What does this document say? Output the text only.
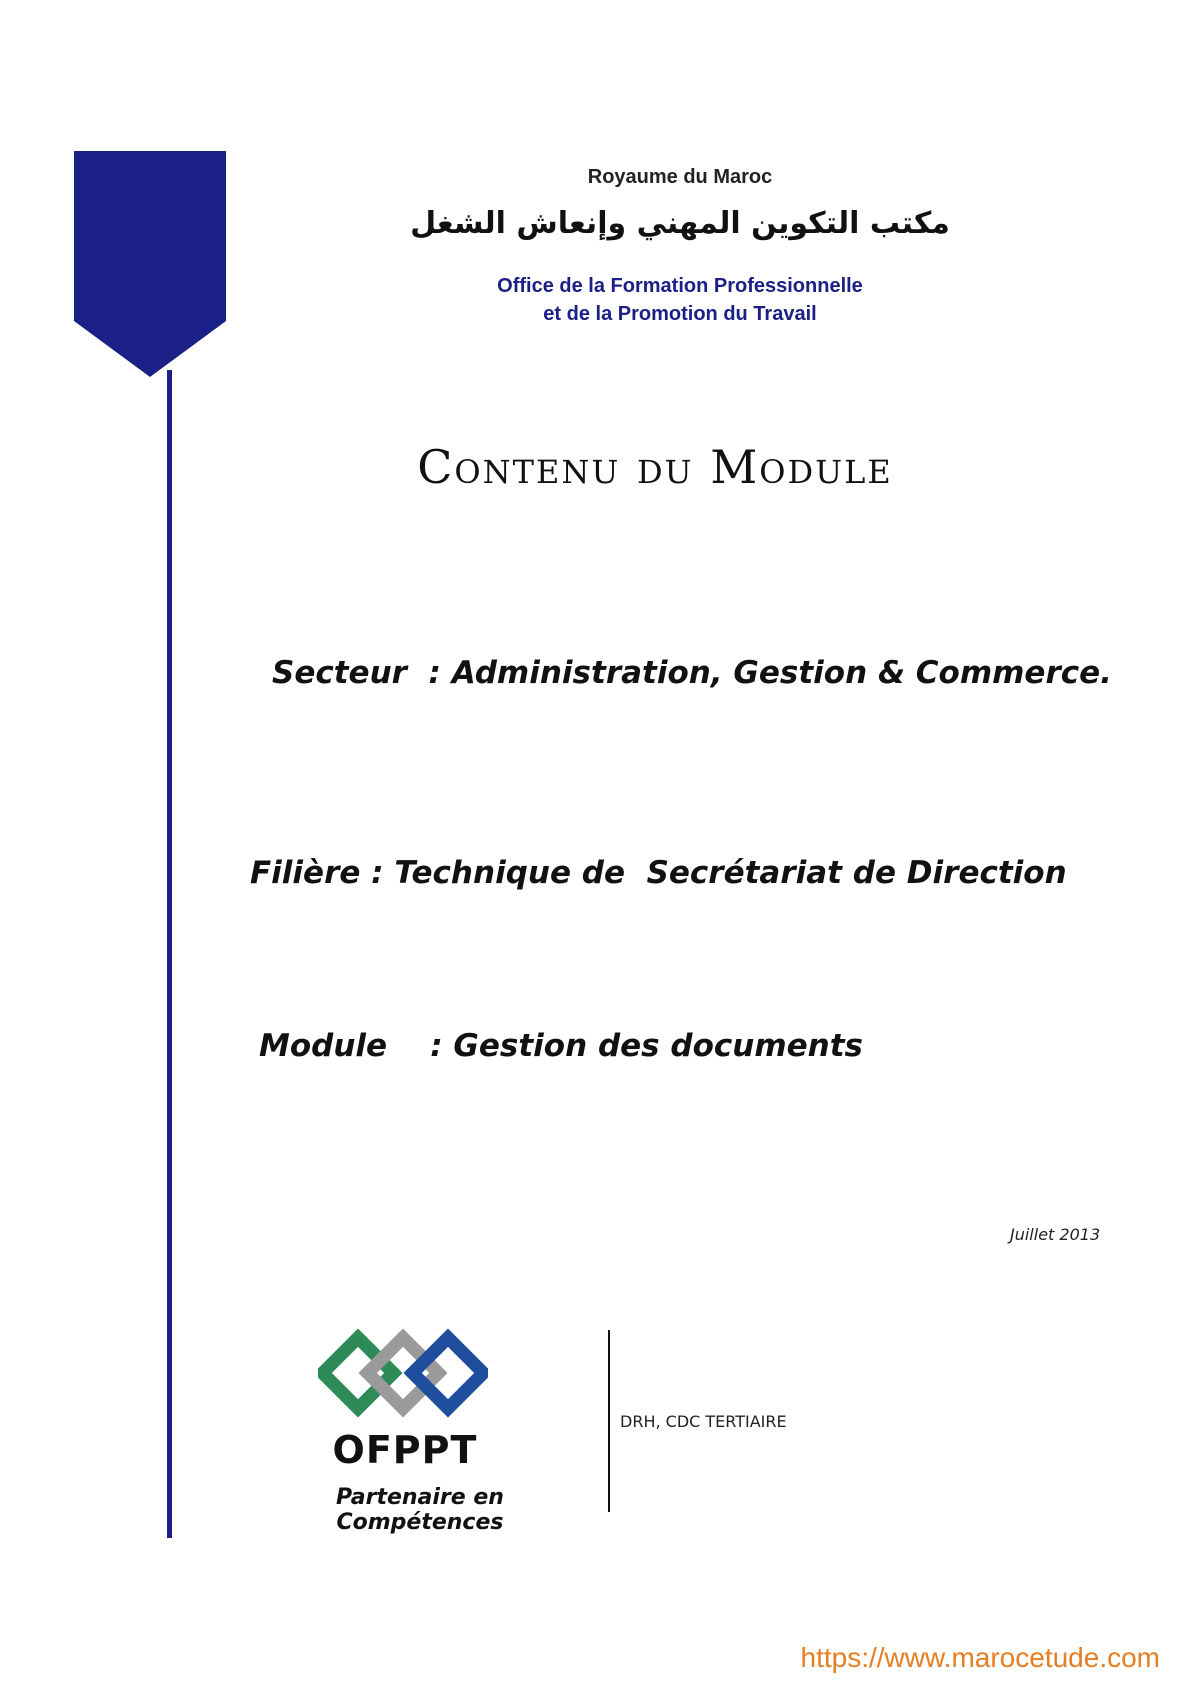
Royaume du Maroc
مكتب التكوين المهني وإنعاش الشغل
Office de la Formation Professionnelle
et de la Promotion du Travail
Contenu du Module
Secteur  : Administration, Gestion & Commerce.
Filière : Technique de  Secrétariat de Direction
Module    : Gestion des documents
Juillet 2013
OFPPT
Partenaire en Compétences
DRH, CDC TERTIAIRE
https://www.marocetude.com
